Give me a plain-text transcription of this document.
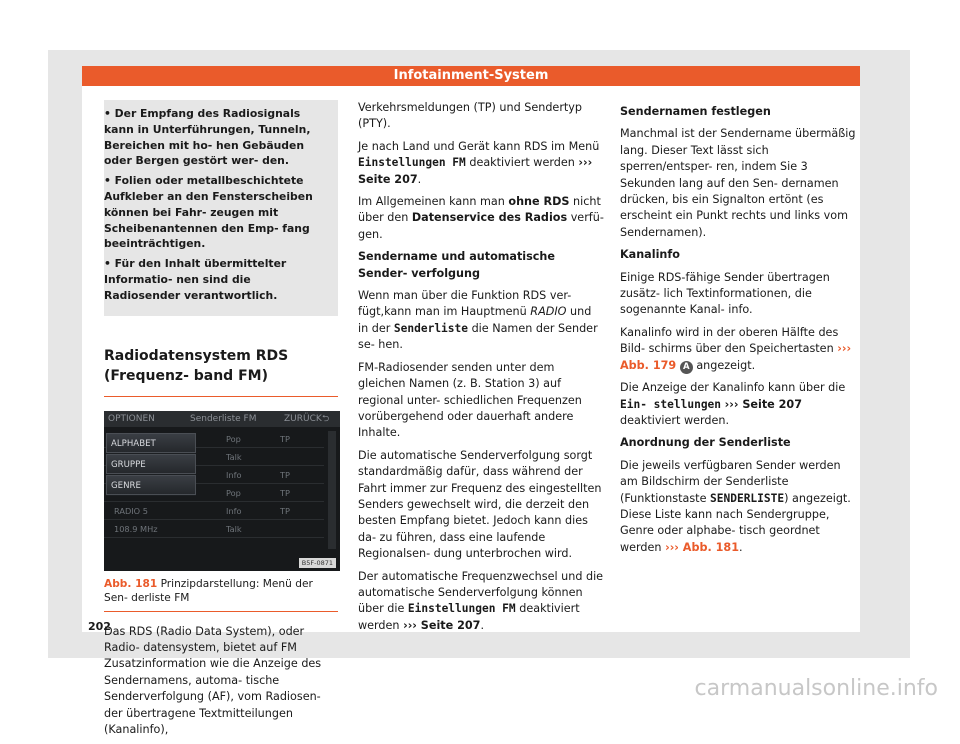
Infotainment-System
• Der Empfang des Radiosignals kann in Unterführungen, Tunneln, Bereichen mit ho- hen Gebäuden oder Bergen gestört wer- den.
• Folien oder metallbeschichtete Aufkleber an den Fensterscheiben können bei Fahr- zeugen mit Scheibenantennen den Emp- fang beeinträchtigen.
• Für den Inhalt übermittelter Informatio- nen sind die Radiosender verantwortlich.
Radiodatensystem RDS (Frequenz- band FM)
OPTIONEN	Senderliste FM	ZURÜCK ⮌
Pop	TP
Talk
Info	TP
Pop	TP
RADIO 5	Info	TP
108.9 MHz	Talk
ALPHABET
GRUPPE
GENRE
B5F-0871
Abb. 181 Prinzipdarstellung: Menü der Sen- derliste FM

Das RDS (Radio Data System), oder Radio- datensystem, bietet auf FM Zusatzinformation wie die Anzeige des Sendernamens, automa- tische Senderverfolgung (AF), vom Radiosen- der übertragene Textmitteilungen (Kanalinfo),

Verkehrsmeldungen (TP) und Sendertyp (PTY).

Je nach Land und Gerät kann RDS im Menü Einstellungen FM deaktiviert werden ››› Seite 207.

Im Allgemeinen kann man ohne RDS nicht über den Datenservice des Radios verfü- gen.

Sendername und automatische Sender- verfolgung

Wenn man über die Funktion RDS ver- fügt,kann man im Hauptmenü RADIO und in der Senderliste die Namen der Sender se- hen.

FM-Radiosender senden unter dem gleichen Namen (z. B. Station 3) auf regional unter- schiedlichen Frequenzen vorübergehend oder dauerhaft andere Inhalte.

Die automatische Senderverfolgung sorgt standardmäßig dafür, dass während der Fahrt immer zur Frequenz des eingestellten Senders gewechselt wird, die derzeit den besten Empfang bietet. Jedoch kann dies da- zu führen, dass eine laufende Regionalsen- dung unterbrochen wird.

Der automatische Frequenzwechsel und die automatische Senderverfolgung können über die Einstellungen FM deaktiviert werden ››› Seite 207.

Sendernamen festlegen

Manchmal ist der Sendername übermäßig lang. Dieser Text lässt sich sperren/entsper- ren, indem Sie 3 Sekunden lang auf den Sen- dernamen drücken, bis ein Signalton ertönt (es erscheint ein Punkt rechts und links vom Sendernamen).

Kanalinfo

Einige RDS-fähige Sender übertragen zusätz- lich Textinformationen, die sogenannte Kanal- info.

Kanalinfo wird in der oberen Hälfte des Bild- schirms über den Speichertasten ››› Abb. 179 A angezeigt.

Die Anzeige der Kanalinfo kann über die Ein- stellungen ››› Seite 207 deaktiviert werden.

Anordnung der Senderliste

Die jeweils verfügbaren Sender werden am Bildschirm der Senderliste (Funktionstaste SENDERLISTE) angezeigt. Diese Liste kann nach Sendergruppe, Genre oder alphabe- tisch geordnet werden ››› Abb. 181.

202
carmanualsonline.info
